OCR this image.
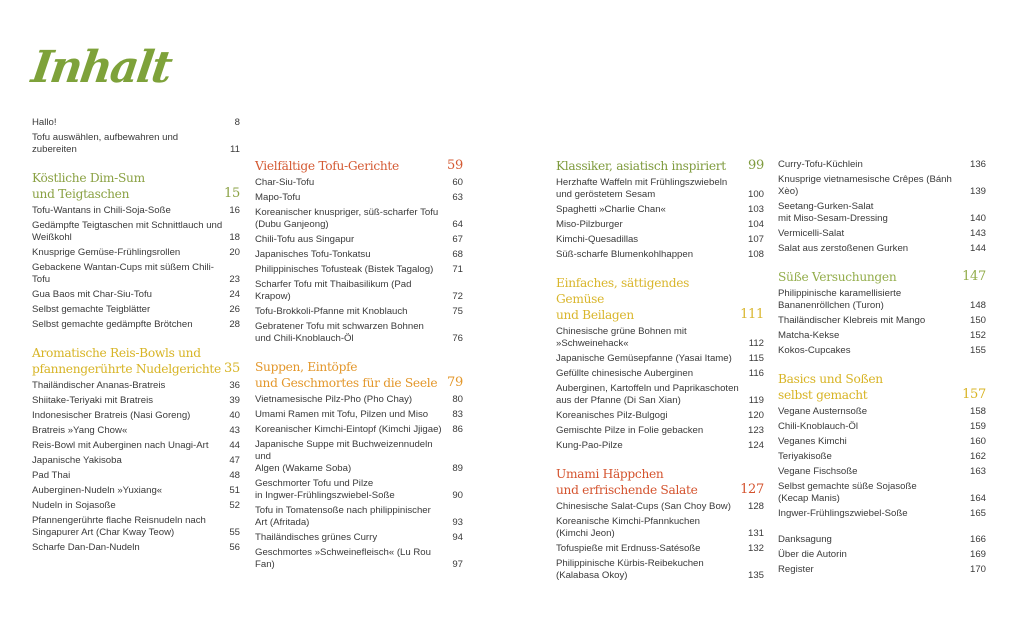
Inhalt
Hallo!	8
Tofu auswählen, aufbewahren und zubereiten	11
Köstliche Dim-Sum
und Teigtaschen	15
Tofu-Wantans in Chili-Soja-Soße	16
Gedämpfte Teigtaschen mit Schnittlauch und
Weißkohl	18
Knusprige Gemüse-Frühlingsrollen	20
Gebackene Wantan-Cups mit süßem Chili-Tofu	23
Gua Baos mit Char-Siu-Tofu	24
Selbst gemachte Teigblätter	26
Selbst gemachte gedämpfte Brötchen	28
Aromatische Reis-Bowls und
pfannengerührte Nudelgerichte 35
Thailändischer Ananas-Bratreis	36
Shiitake-Teriyaki mit Bratreis	39
Indonesischer Bratreis (Nasi Goreng)	40
Bratreis »Yang Chow«	43
Reis-Bowl mit Auberginen nach Unagi-Art	44
Japanische Yakisoba	47
Pad Thai	48
Auberginen-Nudeln »Yuxiang«	51
Nudeln in Sojasoße	52
Pfannengerührte flache Reisnudeln nach
Singapurer Art (Char Kway Teow)	55
Scharfe Dan-Dan-Nudeln	56
Vielfältige Tofu-Gerichte	59
Char-Siu-Tofu	60
Mapo-Tofu	63
Koreanischer knuspriger, süß-scharfer Tofu
(Dubu Ganjeong)	64
Chili-Tofu aus Singapur	67
Japanisches Tofu-Tonkatsu	68
Philippinisches Tofusteak (Bistek Tagalog)	71
Scharfer Tofu mit Thaibasilikum (Pad Krapow)	72
Tofu-Brokkoli-Pfanne mit Knoblauch	75
Gebratener Tofu mit schwarzen Bohnen
und Chili-Knoblauch-Öl	76
Suppen, Eintöpfe
und Geschmortes für die Seele 79
Vietnamesische Pilz-Pho (Pho Chay)	80
Umami Ramen mit Tofu, Pilzen und Miso	83
Koreanischer Kimchi-Eintopf (Kimchi Jjigae)	86
Japanische Suppe mit Buchweizennudeln und
Algen (Wakame Soba)	89
Geschmorter Tofu und Pilze
in Ingwer-Frühlingszwiebel-Soße	90
Tofu in Tomatensoße nach philippinischer
Art (Afritada)	93
Thailändisches grünes Curry	94
Geschmortes »Schweinefleisch« (Lu Rou Fan)	97
Klassiker, asiatisch inspiriert 99
Herzhafte Waffeln mit Frühlingszwiebeln
und geröstetem Sesam	100
Spaghetti »Charlie Chan«	103
Miso-Pilzburger	104
Kimchi-Quesadillas	107
Süß-scharfe Blumenkohlhappen	108
Einfaches, sättigendes Gemüse
und Beilagen	111
Chinesische grüne Bohnen mit
»Schweinehack«	112
Japanische Gemüsepfanne (Yasai Itame)	115
Gefüllte chinesische Auberginen	116
Auberginen, Kartoffeln und Paprikaschoten
aus der Pfanne (Di San Xian)	119
Koreanisches Pilz-Bulgogi	120
Gemischte Pilze in Folie gebacken	123
Kung-Pao-Pilze	124
Umami Häppchen
und erfrischende Salate	127
Chinesische Salat-Cups (San Choy Bow)	128
Koreanische Kimchi-Pfannkuchen
(Kimchi Jeon)	131
Tofuspieße mit Erdnuss-Satésoße	132
Philippinische Kürbis-Reibekuchen
(Kalabasa Okoy)	135
Curry-Tofu-Küchlein	136
Knusprige vietnamesische Crêpes (Bánh Xèo)	139
Seetang-Gurken-Salat
mit Miso-Sesam-Dressing	140
Vermicelli-Salat	143
Salat aus zerstoßenen Gurken	144
Süße Versuchungen	147
Philippinische karamellisierte
Bananenröllchen (Turon)	148
Thailändischer Klebreis mit Mango	150
Matcha-Kekse	152
Kokos-Cupcakes	155
Basics und Soßen
selbst gemacht	157
Vegane Austernsoße	158
Chili-Knoblauch-Öl	159
Veganes Kimchi	160
Teriyakisoße	162
Vegane Fischsoße	163
Selbst gemachte süße Sojasoße
(Kecap Manis)	164
Ingwer-Frühlingszwiebel-Soße	165
Danksagung	166
Über die Autorin	169
Register	170
